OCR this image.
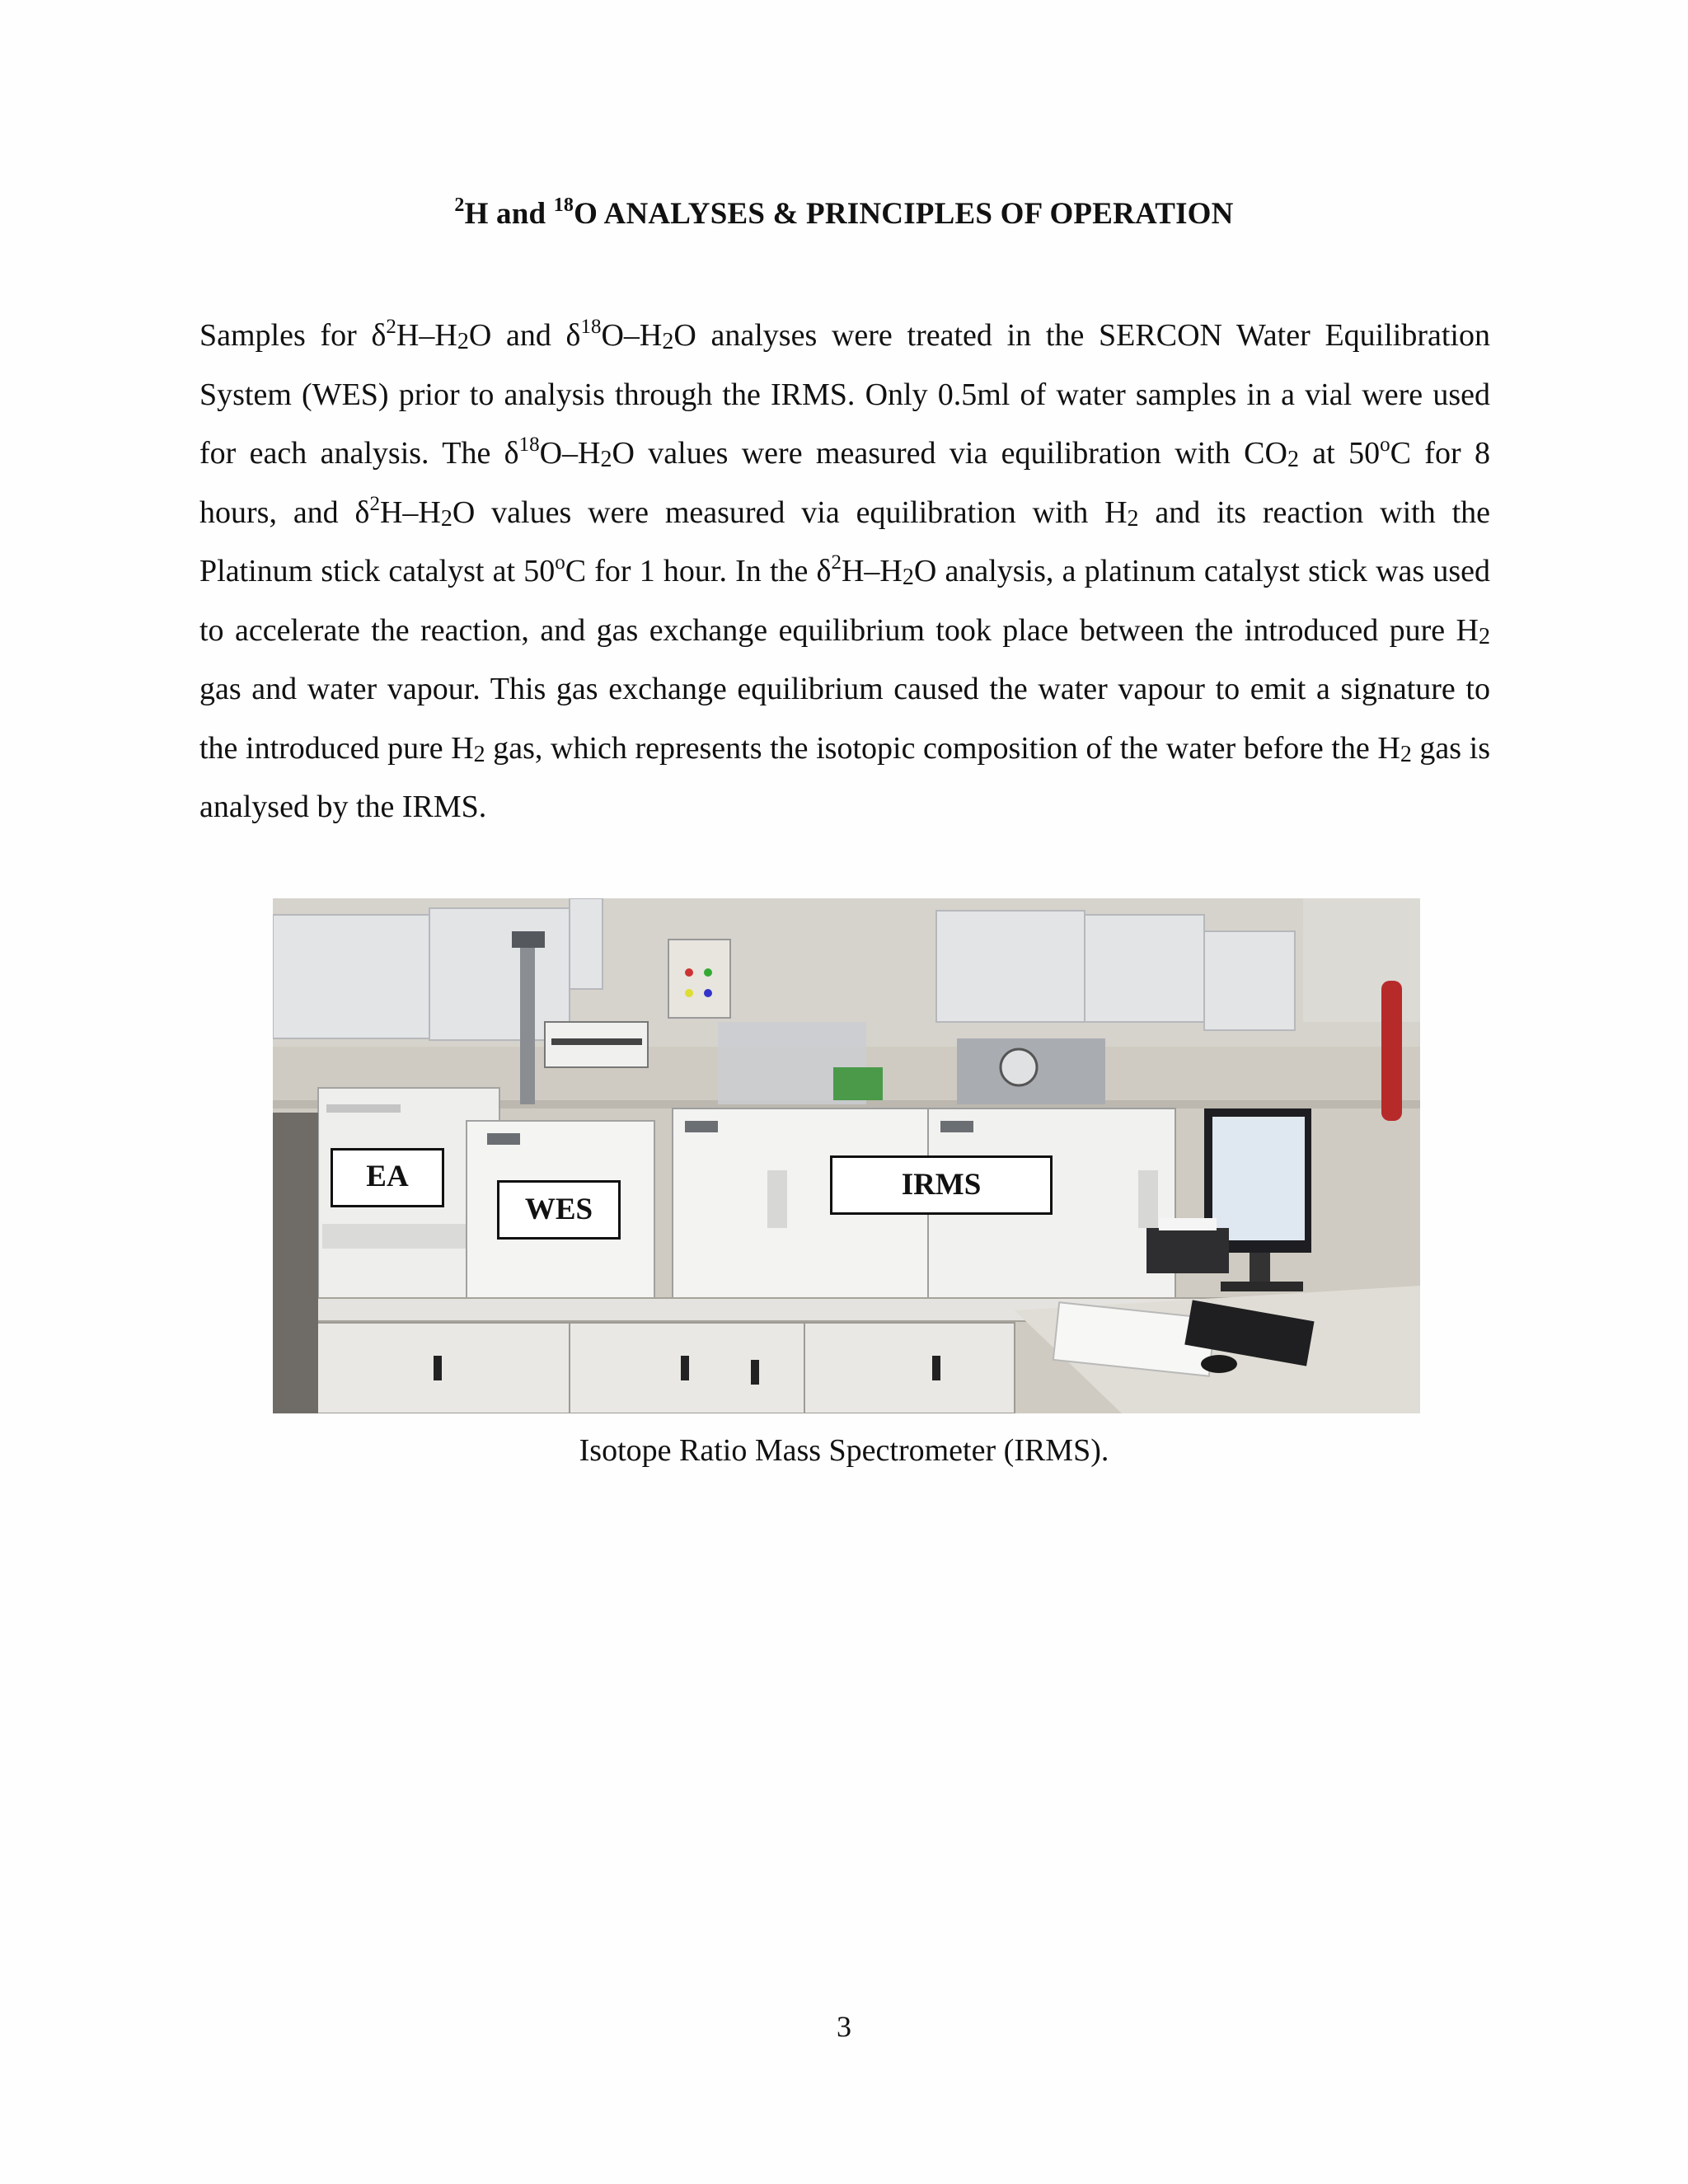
$^2$H and $^{18}$O ANALYSES & PRINCIPLES OF OPERATION

Samples for $\delta^2H-H_2O$ and $\delta^{18}O-H_2O$ analyses were treated in the SERCON Water Equilibration System (WES) prior to analysis through the IRMS. Only 0.5ml of water samples in a vial were used for each analysis. The $\delta^{18}O-H_2O$ values were measured via equilibration with $CO_2$ at 50$^o$C for 8 hours, and $\delta^2H-H_2O$ values were measured via equilibration with $H_2$ and its reaction with the Platinum stick catalyst at 50$^o$C for 1 hour. In the $\delta^2H-H_2O$ analysis, a platinum catalyst stick was used to accelerate the reaction, and gas exchange equilibrium took place between the introduced pure $H_2$ gas and water vapour. This gas exchange equilibrium caused the water vapour to emit a signature to the introduced pure $H_2$ gas, which represents the isotopic composition of the water before the $H_2$ gas is analysed by the IRMS.

EA
WES
IRMS
Isotope Ratio Mass Spectrometer (IRMS).
3
